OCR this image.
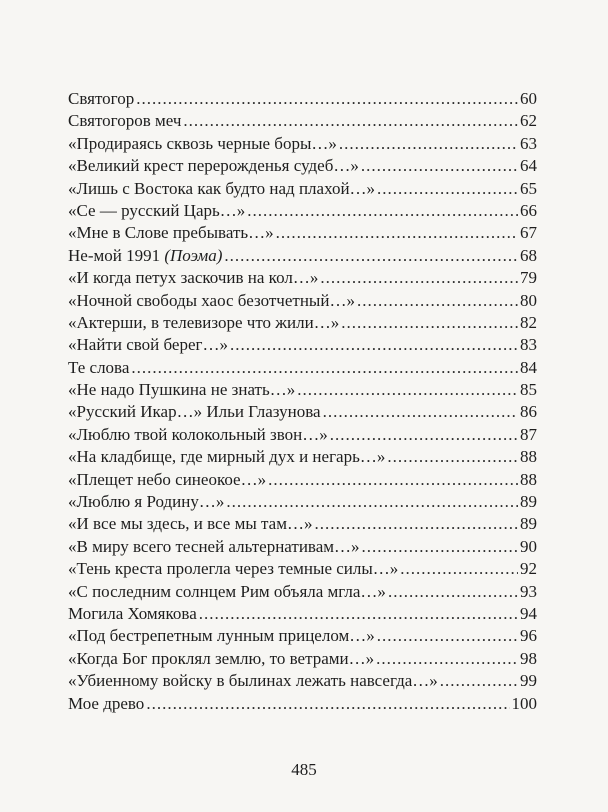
Святогор .....	60
Святогоров меч .....	62
«Продираясь сквозь черные боры…» .....	63
«Великий крест перерожденья судеб…» .....	64
«Лишь с Востока как будто над плахой…» .....	65
«Се — русский Царь…» .....	66
«Мне в Слове пребывать…» .....	67
Не-мой 1991 (Поэма) .....	68
«И когда петух заскочив на кол…» .....	79
«Ночной свободы хаос безотчетный…» .....	80
«Актерши, в телевизоре что жили…» .....	82
«Найти свой берег…» .....	83
Те слова .....	84
«Не надо Пушкина не знать…» .....	85
«Русский Икар…» Ильи Глазунова .....	86
«Люблю твой колокольный звон…» .....	87
«На кладбище, где мирный дух и негарь…» .....	88
«Плещет небо синеокое…» .....	88
«Люблю я Родину…» .....	89
«И все мы здесь, и все мы там…» .....	89
«В миру всего тесней альтернативам…» .....	90
«Тень креста пролегла через темные силы…» .....	92
«С последним солнцем Рим объяла мгла…» .....	93
Могила Хомякова .....	94
«Под бестрепетным лунным прицелом…» .....	96
«Когда Бог проклял землю, то ветрами…» .....	98
«Убиенному войску в былинах лежать навсегда…» .....	99
Мое древо .....	100
485
